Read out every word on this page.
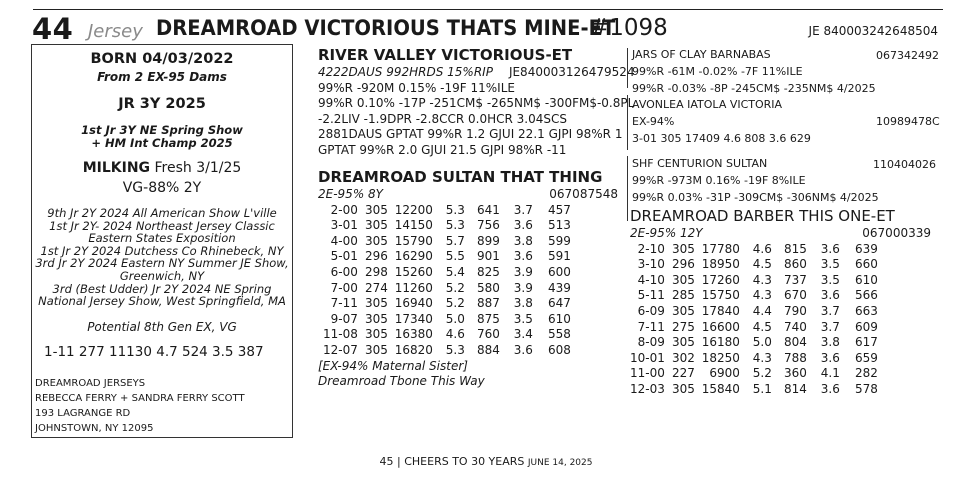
44 Jersey DREAMROAD VICTORIOUS THATS MINE-ET
#1098	JE 840003242648504
BORN 04/03/2022
From 2 EX-95 Dams
JR 3Y 2025
1st Jr 3Y NE Spring Show
+ HM Int Champ 2025
MILKING Fresh 3/1/25
VG-88% 2Y
9th Jr 2Y 2024 All American Show L'ville
1st Jr 2Y- 2024 Northeast Jersey Classic
Eastern States Exposition
1st Jr 2Y 2024 Dutchess Co Rhinebeck, NY
3rd Jr 2Y 2024 Eastern NY Summer JE Show,
Greenwich, NY
3rd (Best Udder) Jr 2Y 2024 NE Spring
National Jersey Show, West Springfield, MA
Potential 8th Gen EX, VG
1-11 277 11130 4.7 524 3.5 387
DREAMROAD JERSEYS
REBECCA FERRY + SANDRA FERRY SCOTT
193 LAGRANGE RD
JOHNSTOWN, NY 12095
RIVER VALLEY VICTORIOUS-ET
4222DAUS 992HRDS 15%RIP JE840003126479524
99%R -920M 0.15% -19F 11%ILE
99%R 0.10% -17P -251CM$ -265NM$ -300FM$-0.8PL
-2.2LIV -1.9DPR -2.8CCR 0.0HCR 3.04SCS
2881DAUS GPTAT 99%R 1.2 GJUI 22.1 GJPI 98%R 1
GPTAT 99%R 2.0 GJUI 21.5 GJPI 98%R -11
DREAMROAD SULTAN THAT THING
2E-95% 8Y	067087548
2-00	305	12200	5.3	641	3.7	457
3-01	305	14150	5.3	756	3.6	513
4-00	305	15790	5.7	899	3.8	599
5-01	296	16290	5.5	901	3.6	591
6-00	298	15260	5.4	825	3.9	600
7-00	274	11260	5.2	580	3.9	439
7-11	305	16940	5.2	887	3.8	647
9-07	305	17340	5.0	875	3.5	610
11-08	305	16380	4.6	760	3.4	558
12-07	305	16820	5.3	884	3.6	608
[EX-94% Maternal Sister]
Dreamroad Tbone This Way
JARS OF CLAY BARNABAS	067342492
99%R -61M -0.02% -7F 11%ILE
99%R -0.03% -8P -245CM$ -235NM$ 4/2025
AVONLEA IATOLA VICTORIA
EX-94%	10989478C
3-01 305 17409 4.6 808 3.6 629
SHF CENTURION SULTAN	110404026
99%R -973M 0.16% -19F 8%ILE
99%R 0.03% -31P -309CM$ -306NM$ 4/2025
DREAMROAD BARBER THIS ONE-ET
2E-95% 12Y	067000339
2-10	305	17780	4.6	815	3.6	639
3-10	296	18950	4.5	860	3.5	660
4-10	305	17260	4.3	737	3.5	610
5-11	285	15750	4.3	670	3.6	566
6-09	305	17840	4.4	790	3.7	663
7-11	275	16600	4.5	740	3.7	609
8-09	305	16180	5.0	804	3.8	617
10-01	302	18250	4.3	788	3.6	659
11-00	227	6900	5.2	360	4.1	282
12-03	305	15840	5.1	814	3.6	578
45 | CHEERS TO 30 YEARS JUNE 14, 2025
